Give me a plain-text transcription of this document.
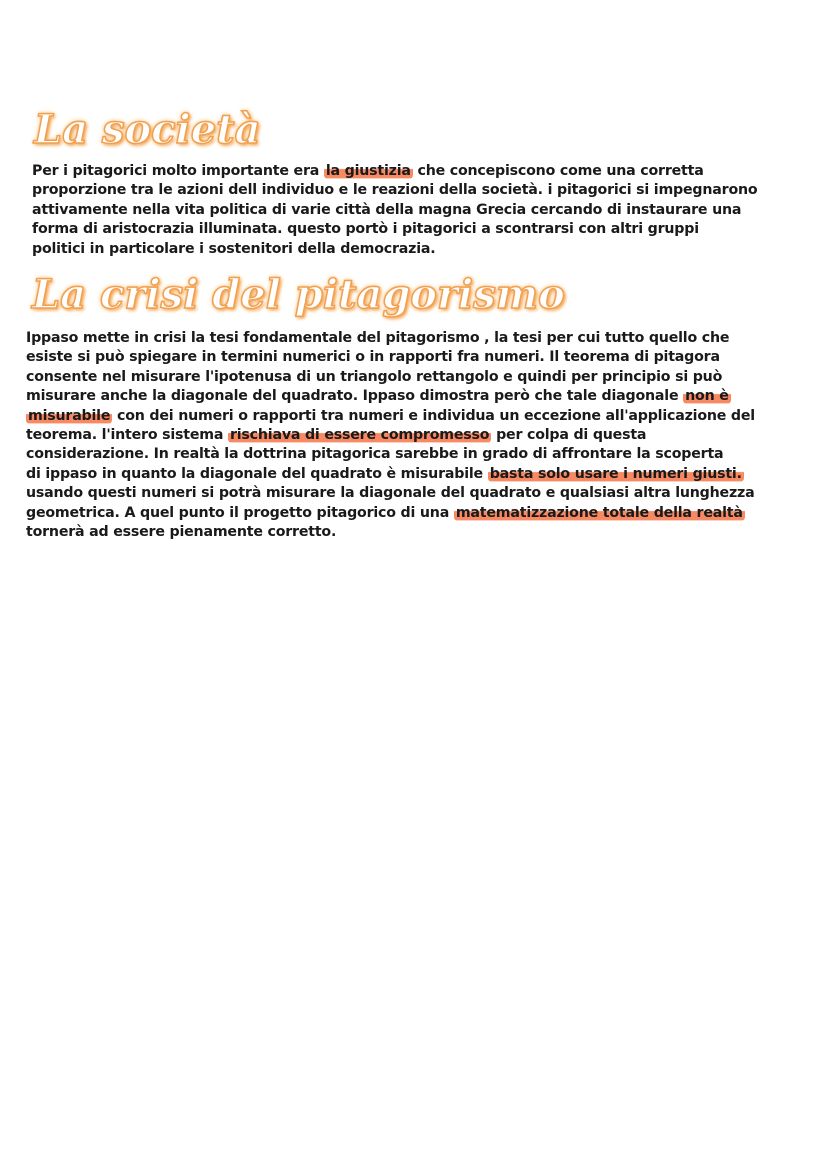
La società
Per i pitagorici molto importante era la giustizia che concepiscono come una corretta
proporzione tra le azioni dell individuo e le reazioni della società. i pitagorici si impegnarono
attivamente nella vita politica di varie città della magna Grecia cercando di instaurare una
forma di aristocrazia illuminata. questo portò i pitagorici a scontrarsi con altri gruppi
politici in particolare i sostenitori della democrazia.
La crisi del pitagorismo
Ippaso mette in crisi la tesi fondamentale del pitagorismo , la tesi per cui tutto quello che
esiste si può spiegare in termini numerici o in rapporti fra numeri. Il teorema di pitagora
consente nel misurare l'ipotenusa di un triangolo rettangolo e quindi per principio si può
misurare anche la diagonale del quadrato. Ippaso dimostra però che tale diagonale non è
misurabile con dei numeri o rapporti tra numeri e individua un eccezione all'applicazione del
teorema. l'intero sistema rischiava di essere compromesso per colpa di questa
considerazione. In realtà la dottrina pitagorica sarebbe in grado di affrontare la scoperta
di ippaso in quanto la diagonale del quadrato è misurabile basta solo usare i numeri giusti.
usando questi numeri si potrà misurare la diagonale del quadrato e qualsiasi altra lunghezza
geometrica. A quel punto il progetto pitagorico di una matematizzazione totale della realtà
tornerà ad essere pienamente corretto.
